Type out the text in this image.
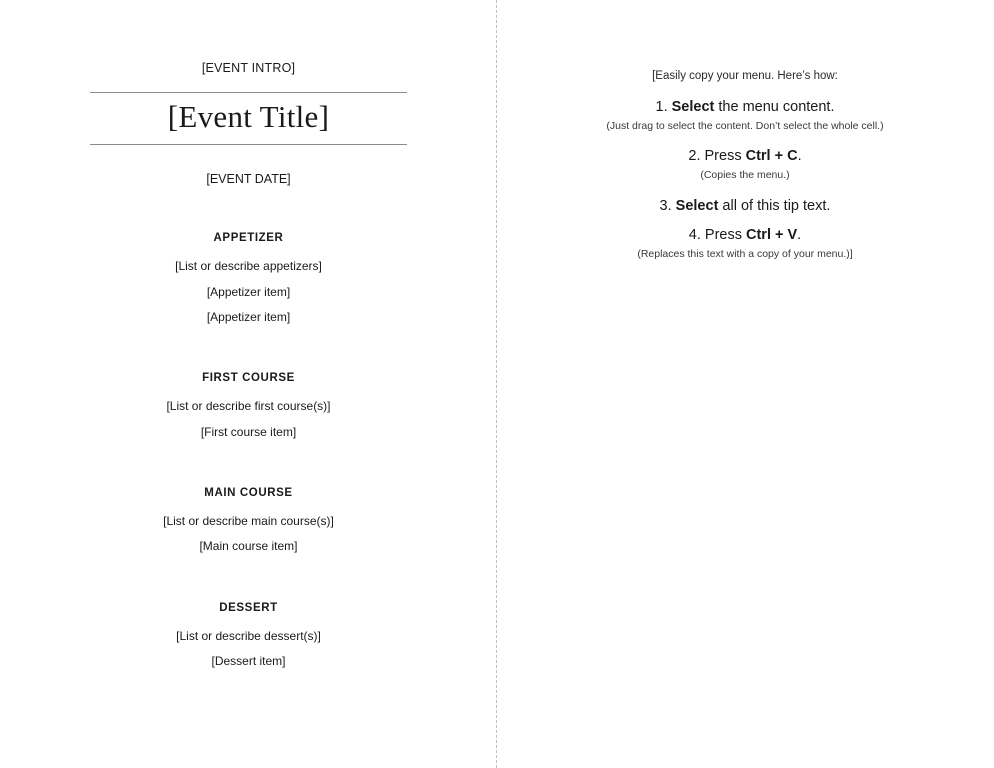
[EVENT INTRO]

[Event Title]

[EVENT DATE]

APPETIZER

[List or describe appetizers]

[Appetizer item]

[Appetizer item]

FIRST COURSE

[List or describe first course(s)]

[First course item]

MAIN COURSE

[List or describe main course(s)]

[Main course item]

DESSERT

[List or describe dessert(s)]

[Dessert item]

[Easily copy your menu. Here’s how:

1. Select the menu content.

(Just drag to select the content. Don’t select the whole cell.)

2. Press Ctrl + C.

(Copies the menu.)

3. Select all of this tip text.

4. Press Ctrl + V.

(Replaces this text with a copy of your menu.)]
